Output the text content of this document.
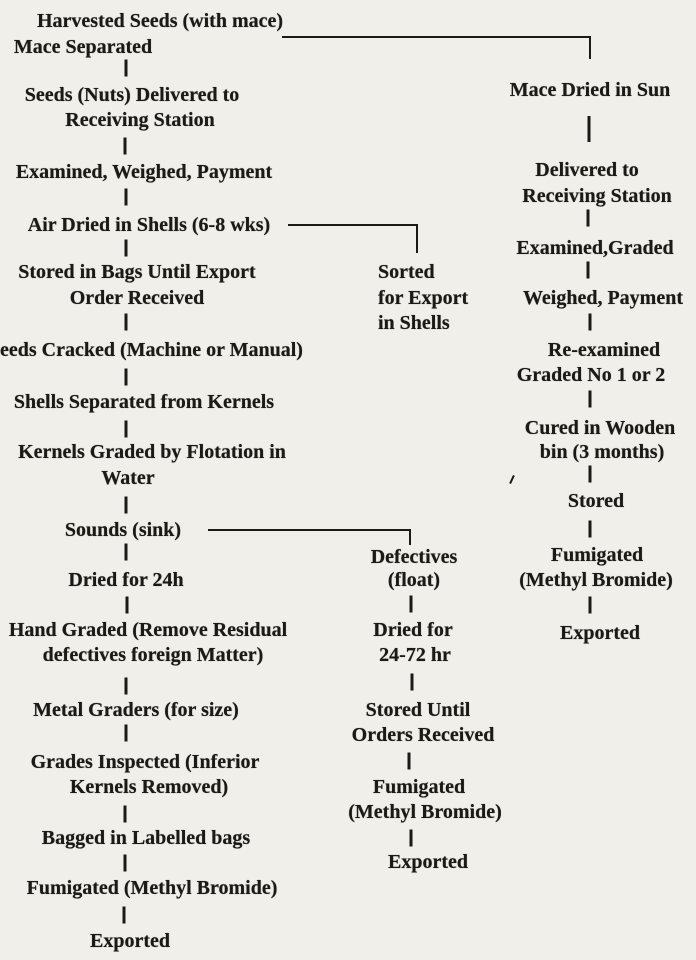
Harvested Seeds (with mace)
Mace Separated
Seeds (Nuts) Delivered to
Receiving Station
Examined, Weighed, Payment
Air Dried in Shells (6-8 wks)
Stored in Bags Until Export
Order Received
eeds Cracked (Machine or Manual)
Shells Separated from Kernels
Kernels Graded by Flotation in
Water
Sounds (sink)
Dried for 24h
Hand Graded (Remove Residual
defectives foreign Matter)
Metal Graders (for size)
Grades Inspected (Inferior
Kernels Removed)
Bagged in Labelled bags
Fumigated (Methyl Bromide)
Exported
Sorted
for Export
in Shells
Defectives
(float)
Dried for
24-72 hr
Stored Until
Orders Received
Fumigated
(Methyl Bromide)
Exported
Mace Dried in Sun
Delivered to
Receiving Station
Examined,Graded
Weighed, Payment
Re-examined
Graded No 1 or 2
Cured in Wooden
bin (3 months)
Stored
Fumigated
(Methyl Bromide)
Exported
